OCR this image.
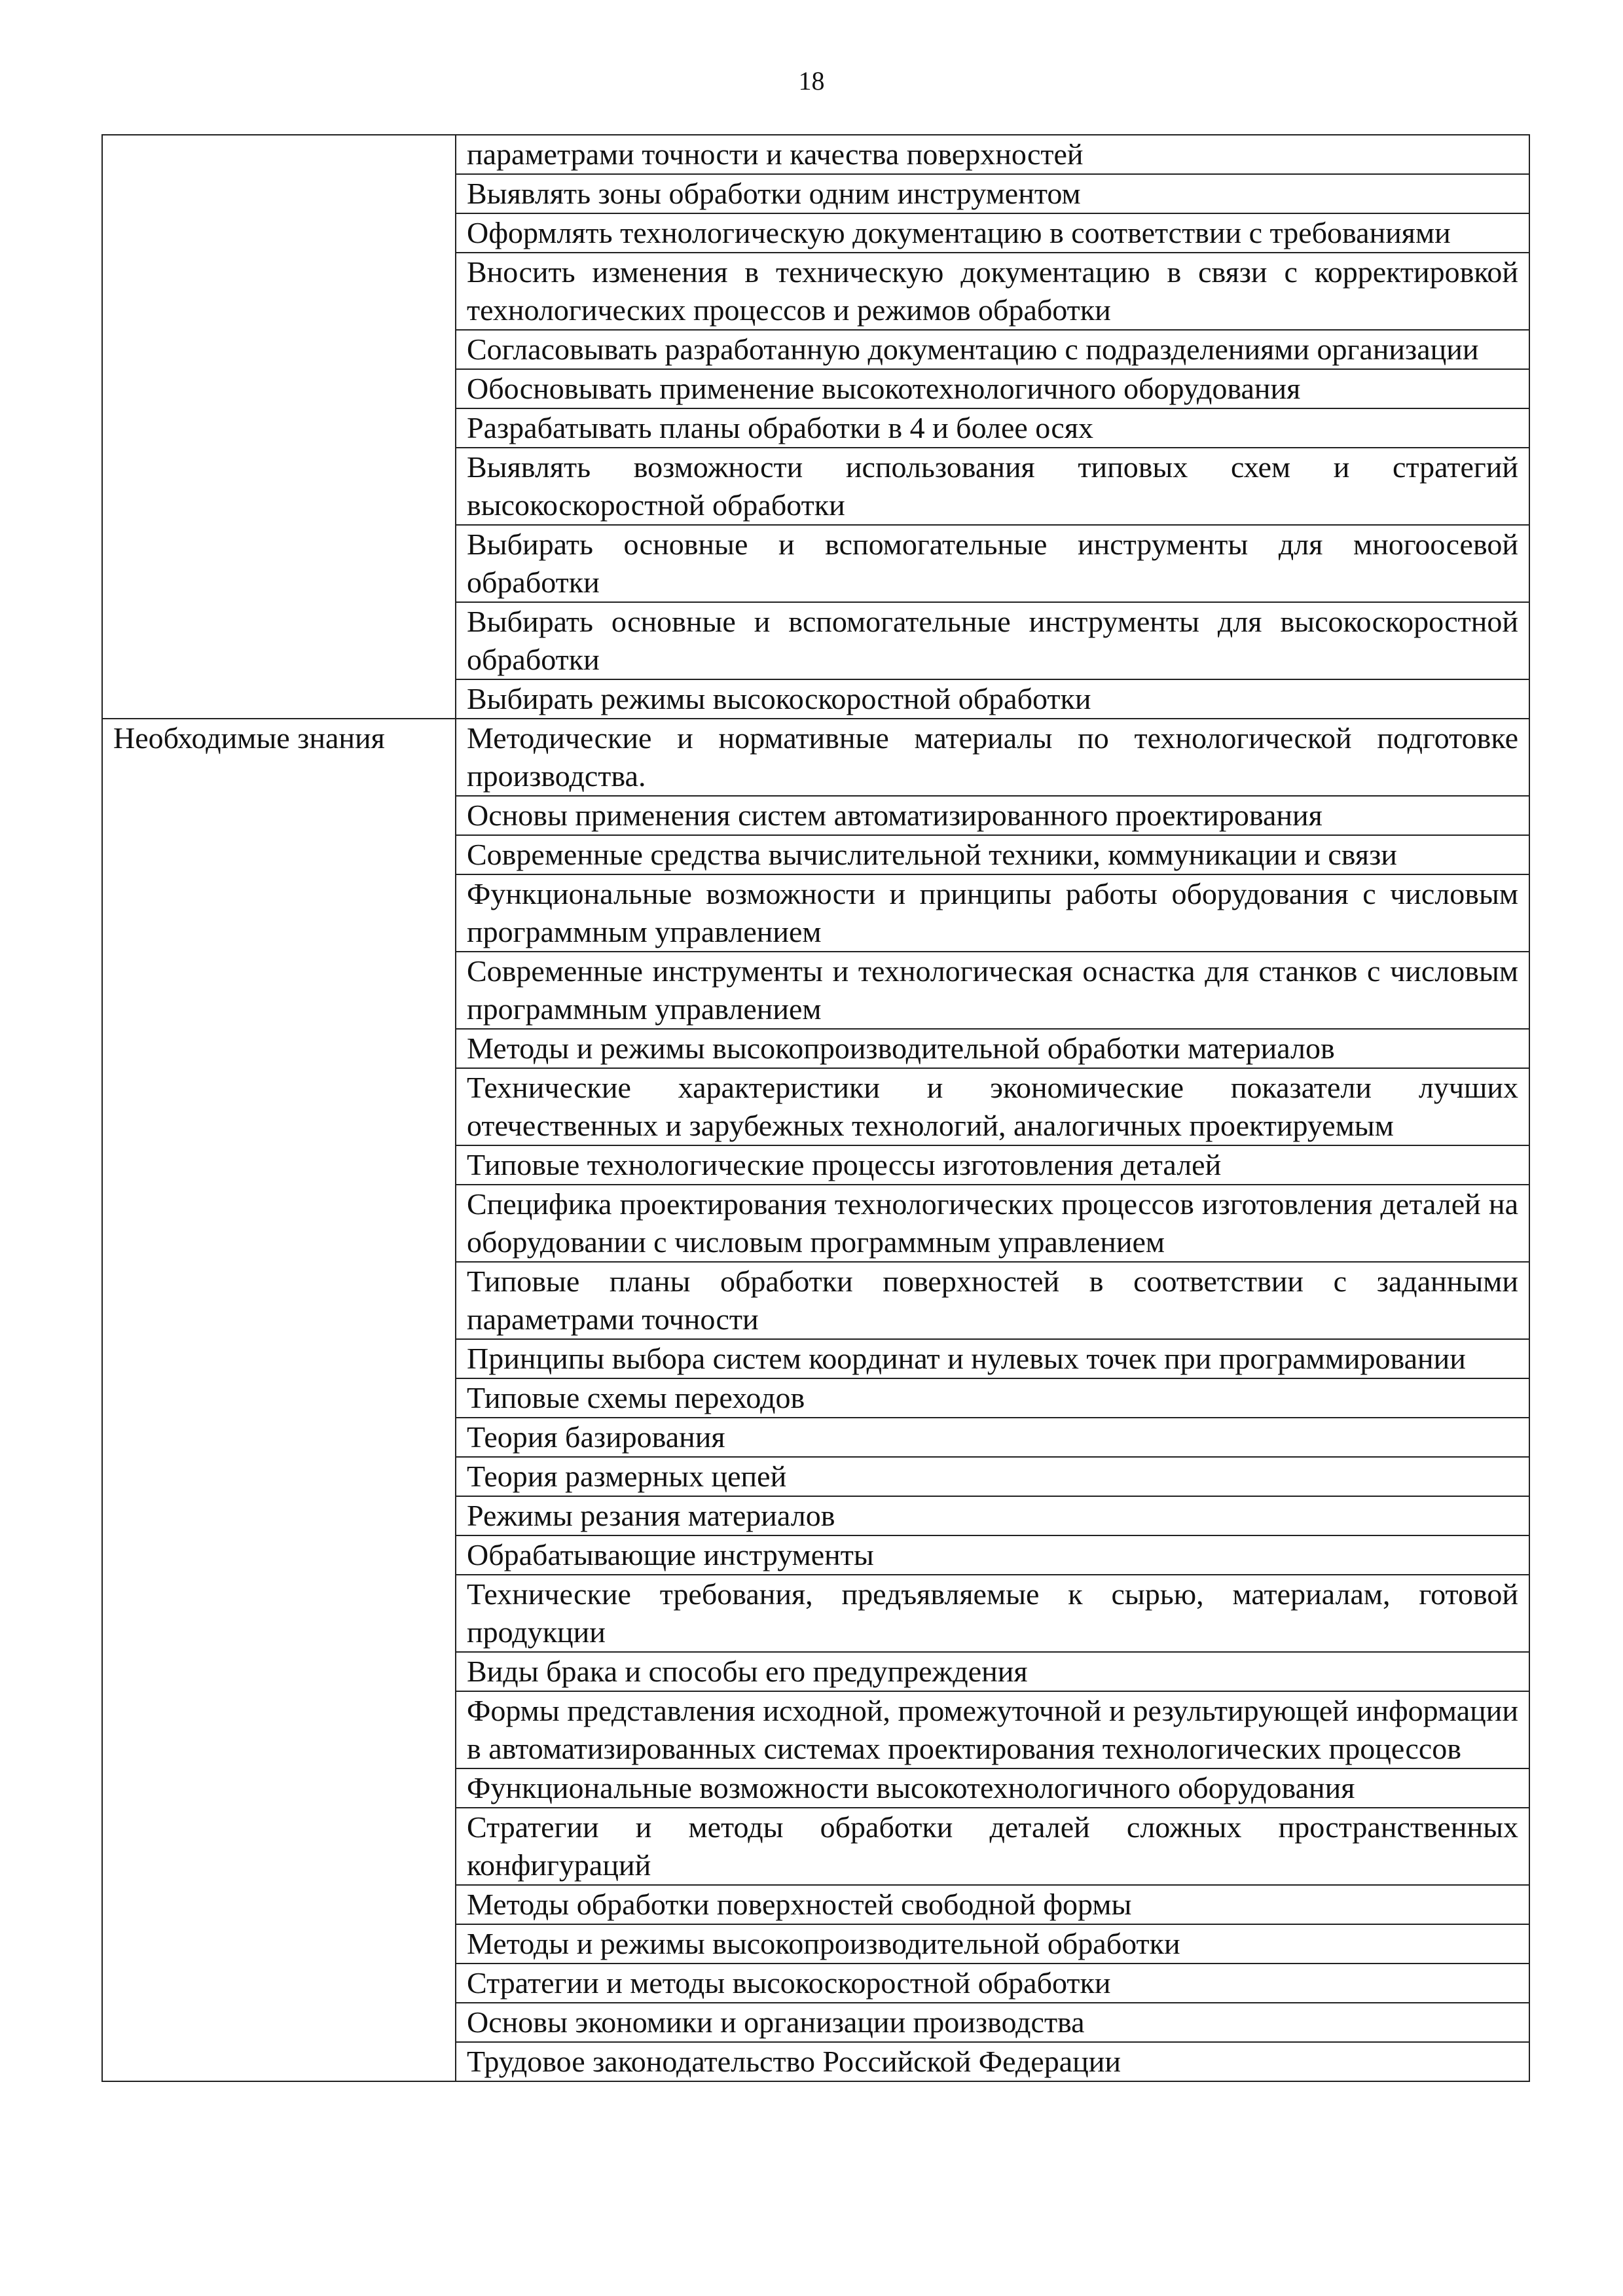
18
	параметрами точности и качества поверхностей
	Выявлять зоны обработки одним инструментом
	Оформлять технологическую документацию в соответствии с требованиями
	Вносить изменения в техническую документацию в связи с корректировкой технологических процессов и режимов обработки
	Согласовывать разработанную документацию с подразделениями организации
	Обосновывать применение высокотехнологичного оборудования
	Разрабатывать планы обработки в 4 и более осях
	Выявлять возможности использования типовых схем и стратегий высокоскоростной обработки
	Выбирать основные и вспомогательные инструменты для многоосевой обработки
	Выбирать основные и вспомогательные инструменты для высокоскоростной обработки
	Выбирать режимы высокоскоростной обработки
Необходимые знания	Методические и нормативные материалы по технологической подготовке производства.
	Основы применения систем автоматизированного проектирования
	Современные средства вычислительной техники, коммуникации и связи
	Функциональные возможности и принципы работы оборудования с числовым программным управлением
	Современные инструменты и технологическая оснастка для станков с числовым программным управлением
	Методы и режимы высокопроизводительной обработки материалов
	Технические характеристики и экономические показатели лучших отечественных и зарубежных технологий, аналогичных проектируемым
	Типовые технологические процессы изготовления деталей
	Специфика проектирования технологических процессов изготовления деталей на оборудовании с числовым программным управлением
	Типовые планы обработки поверхностей в соответствии с заданными параметрами точности
	Принципы выбора систем координат и нулевых точек при программировании
	Типовые схемы переходов
	Теория базирования
	Теория размерных цепей
	Режимы резания материалов
	Обрабатывающие инструменты
	Технические требования, предъявляемые к сырью, материалам, готовой продукции
	Виды брака и способы его предупреждения
	Формы представления исходной, промежуточной и результирующей информации в автоматизированных системах проектирования технологических процессов
	Функциональные возможности высокотехнологичного оборудования
	Стратегии и методы обработки деталей сложных пространственных конфигураций
	Методы обработки поверхностей свободной формы
	Методы и режимы высокопроизводительной обработки
	Стратегии и методы высокоскоростной обработки
	Основы экономики и организации производства
	Трудовое законодательство Российской Федерации
